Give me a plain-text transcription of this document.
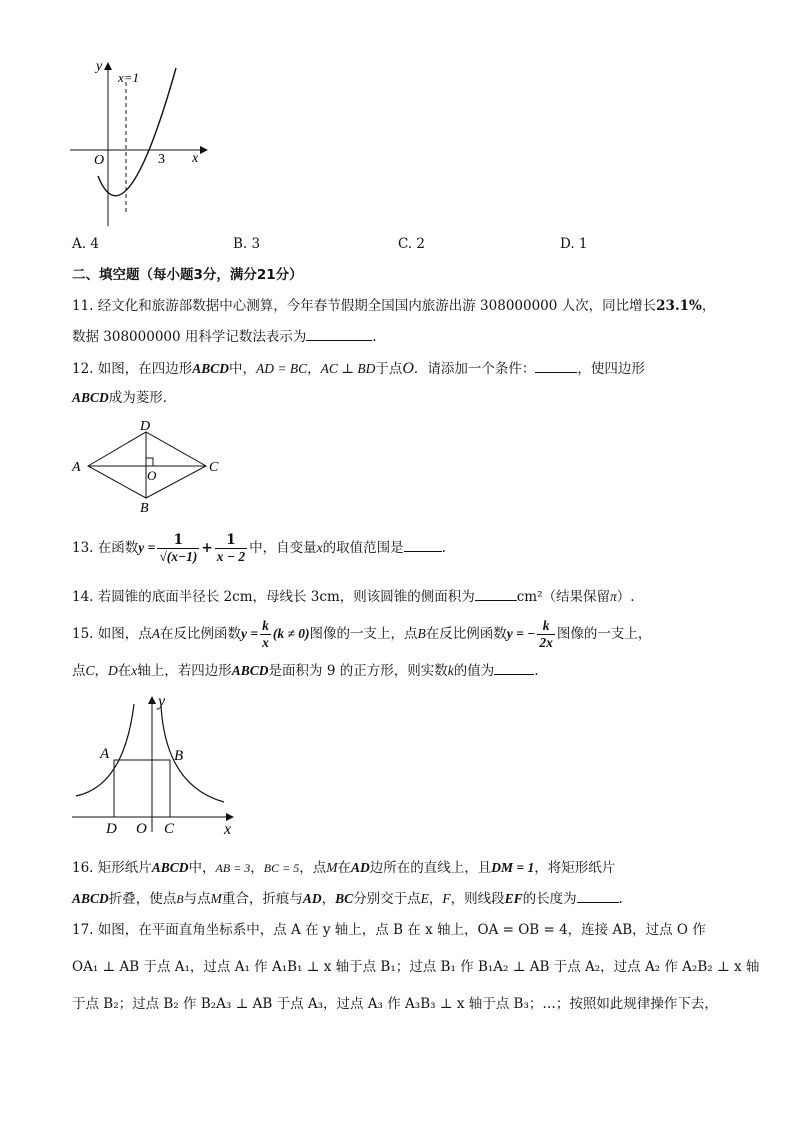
y
x=1
O	3 x
A. 4	B. 3	C. 2	D. 1
二、填空题（每小题3分，满分21分）
11. 经文化和旅游部数据中心测算，今年春节假期全国国内旅游出游 308000000 人次，同比增长23.1%，
数据 308000000 用科学记数法表示为	.
12. 如图，在四边形ABCD中，AD = BC，AC ⊥ BD于点O．请添加一个条件：	，使四边形
ABCD成为菱形．
A
D
C
B
O
13. 在函数$y = \frac{1}{√(x-1)} + \frac{1}{x - 2}$ 中，自变量x的取值范围是	.
14. 若圆锥的底面半径长 2cm，母线长 3cm，则该圆锥的侧面积为	cm²（结果保留π）.
15. 如图，点A在反比例函数$y = \frac{k}{x} (k \ne 0)$图像的一支上，点B在反比例函数y = − $\frac{k}{2x}$ 图像的一支上，
点C，D在x轴上，若四边形ABCD是面积为 9 的正方形，则实数k的值为	.
y
A	B
D O C	x
16. 矩形纸片ABCD中，AB = 3，BC = 5，点M在AD边所在的直线上，且DM = 1，将矩形纸片
ABCD折叠，使点B与点M重合，折痕与AD，BC分别交于点E，F，则线段EF的长度为	.
17. 如图，在平面直角坐标系中，点 A 在 y 轴上，点 B 在 x 轴上，OA = OB = 4，连接 AB，过点 O 作
OA₁ ⊥ AB 于点 A₁，过点 A₁ 作 A₁B₁ ⊥ x 轴于点 B₁；过点 B₁ 作 B₁A₂ ⊥ AB 于点 A₂，过点 A₂ 作 A₂B₂ ⊥ x 轴
于点 B₂；过点 B₂ 作 B₂A₃ ⊥ AB 于点 A₃，过点 A₃ 作 A₃B₃ ⊥ x 轴于点 B₃；…；按照如此规律操作下去，
